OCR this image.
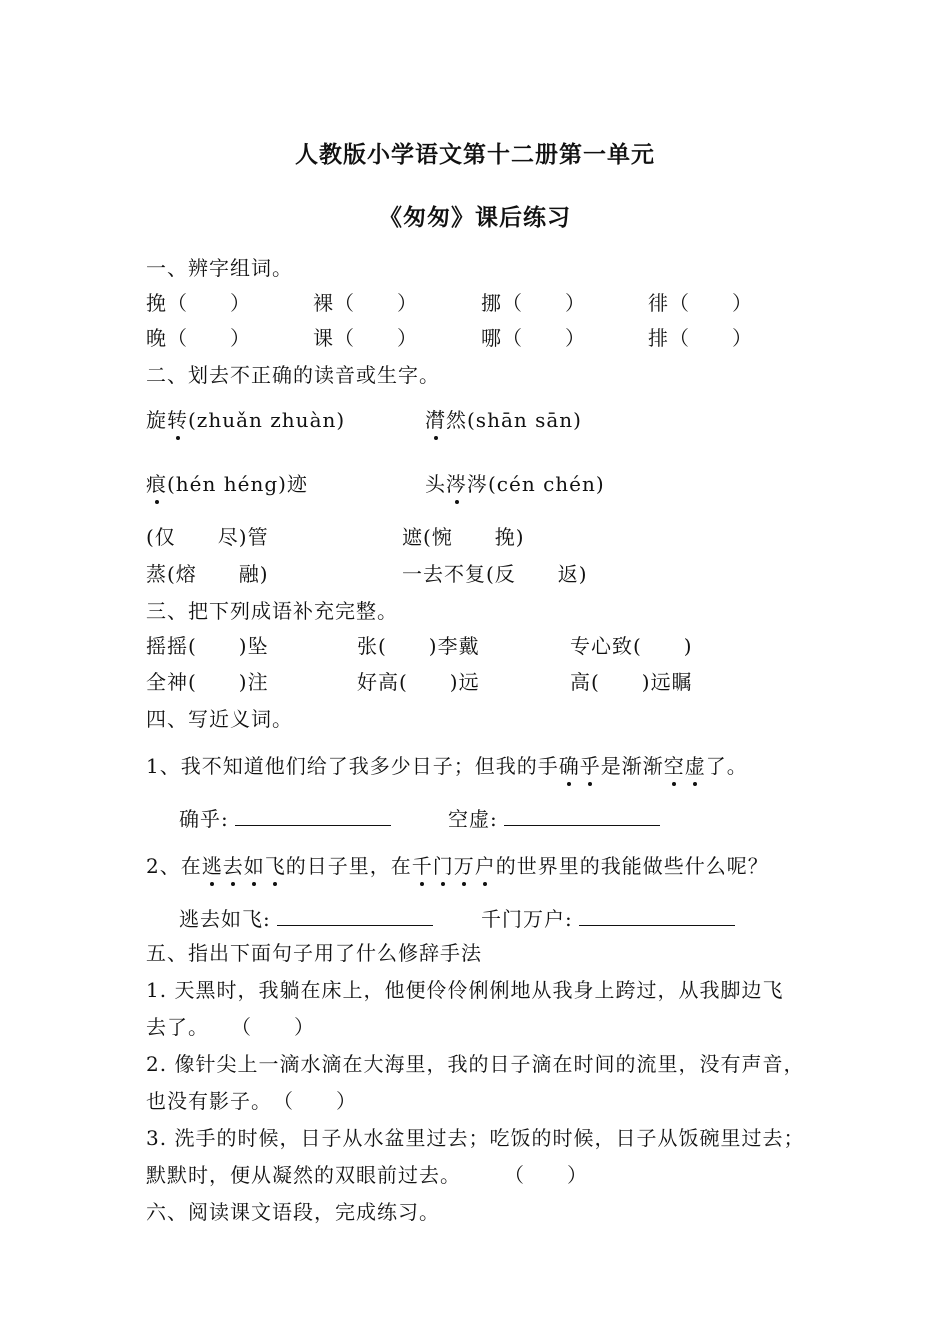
人教版小学语文第十二册第一单元
《匆匆》课后练习
一、辨字组词。
挽（　　）	裸（　　）	挪（　　）	徘（　　）
晚（　　）	课（　　）	哪（　　）	排（　　）
二、划去不正确的读音或生字。
旋转(zhuǎn zhuàn)	潸然(shān sān)
痕(hén héng)迹	头涔涔(cén chén)
(仅　　尽)管	遮(惋　　挽)
蒸(熔　　融)	一去不复(反　　返)
三、把下列成语补充完整。
摇摇(　　)坠	张(　　)李戴	专心致(　　)
全神(　　)注	好高(　　)远	高(　　)远瞩
四、写近义词。
1、我不知道他们给了我多少日子；但我的手确乎是渐渐空虚了。
确乎:	空虚:
2、在逃去如飞的日子里，在千门万户的世界里的我能做些什么呢？
逃去如飞:	千门万户:
五、指出下面句子用了什么修辞手法
1. 天黑时，我躺在床上，他便伶伶俐俐地从我身上跨过，从我脚边飞
去了。　　（　　）
2. 像针尖上一滴水滴在大海里，我的日子滴在时间的流里，没有声音，
也没有影子。　（　　）
3. 洗手的时候，日子从水盆里过去；吃饭的时候，日子从饭碗里过去；
默默时，便从凝然的双眼前过去。　　　（　　）
六、阅读课文语段，完成练习。
